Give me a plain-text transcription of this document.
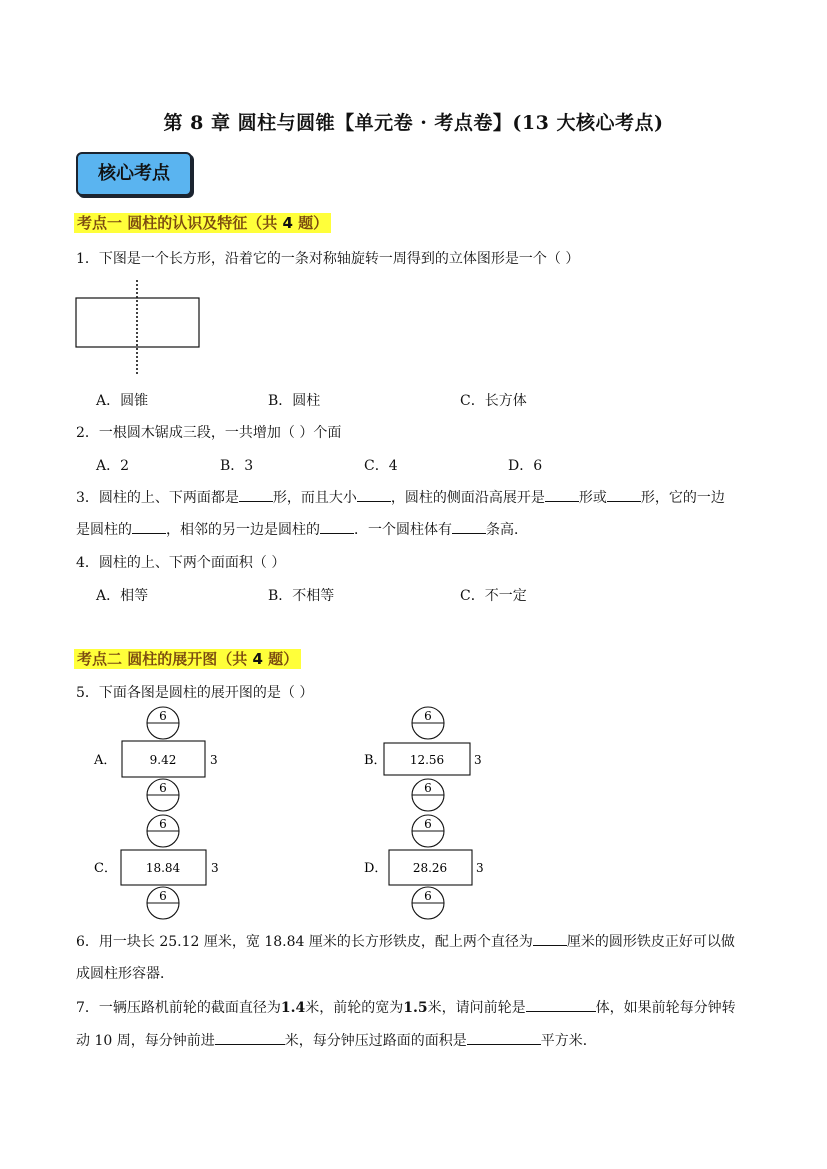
第 8 章 圆柱与圆锥【单元卷 · 考点卷】(13 大核心考点)
核心考点
考点一 圆柱的认识及特征（共 4 题）
1．下图是一个长方形，沿着它的一条对称轴旋转一周得到的立体图形是一个（ ）
A．圆锥	B．圆柱	C．长方体
2．一根圆木锯成三段，一共增加（ ）个面
A．2	B．3	C．4	D．6
3．圆柱的上、下两面都是 形，而且大小 ，圆柱的侧面沿高展开是 形或 形，它的一边
是圆柱的 ，相邻的另一边是圆柱的 ．一个圆柱体有 条高．
4．圆柱的上、下两个面面积（ ）
A．相等	B．不相等	C．不一定
考点二 圆柱的展开图（共 4 题）
5．下面各图是圆柱的展开图的是（ ）
A．
6
9.42	3
6
B．
6
12.56 3
6
C．
6
18.84	3
6
D．
6
28.26 3
6
6．用一块长 25.12 厘米，宽 18.84 厘米的长方形铁皮，配上两个直径为 厘米的圆形铁皮正好可以做
成圆柱形容器．
7．一辆压路机前轮的截面直径为1.4米，前轮的宽为1.5米，请问前轮是	体，如果前轮每分钟转
动 10 周，每分钟前进	米，每分钟压过路面的面积是	平方米．
